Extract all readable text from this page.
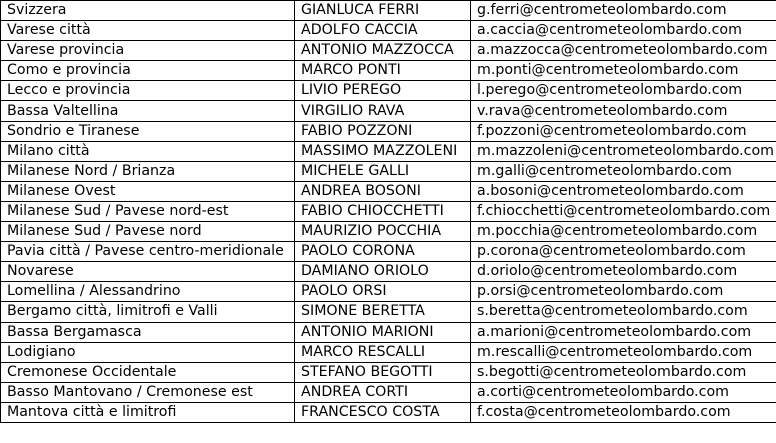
Svizzera	GIANLUCA FERRI	g.ferri@centrometeolombardo.com
Varese città	ADOLFO CACCIA	a.caccia@centrometeolombardo.com
Varese provincia	ANTONIO MAZZOCCA	a.mazzocca@centrometeolombardo.com
Como e provincia	MARCO PONTI	m.ponti@centrometeolombardo.com
Lecco e provincia	LIVIO PEREGO	l.perego@centrometeolombardo.com
Bassa Valtellina	VIRGILIO RAVA	v.rava@centrometeolombardo.com
Sondrio e Tiranese	FABIO POZZONI	f.pozzoni@centrometeolombardo.com
Milano città	MASSIMO MAZZOLENI	m.mazzoleni@centrometeolombardo.com
Milanese Nord / Brianza	MICHELE GALLI	m.galli@centrometeolombardo.com
Milanese Ovest	ANDREA BOSONI	a.bosoni@centrometeolombardo.com
Milanese Sud / Pavese nord-est	FABIO CHIOCCHETTI	f.chiocchetti@centrometeolombardo.com
Milanese Sud / Pavese nord	MAURIZIO POCCHIA	m.pocchia@centrometeolombardo.com
Pavia città / Pavese centro-meridionale	PAOLO CORONA	p.corona@centrometeolombardo.com
Novarese	DAMIANO ORIOLO	d.oriolo@centrometeolombardo.com
Lomellina / Alessandrino	PAOLO ORSI	p.orsi@centrometeolombardo.com
Bergamo città, limitrofi e Valli	SIMONE BERETTA	s.beretta@centrometeolombardo.com
Bassa Bergamasca	ANTONIO MARIONI	a.marioni@centrometeolombardo.com
Lodigiano	MARCO RESCALLI	m.rescalli@centrometeolombardo.com
Cremonese Occidentale	STEFANO BEGOTTI	s.begotti@centrometeolombardo.com
Basso Mantovano / Cremonese est	ANDREA CORTI	a.corti@centrometeolombardo.com
Mantova città e limitrofi	FRANCESCO COSTA	f.costa@centrometeolombardo.com
